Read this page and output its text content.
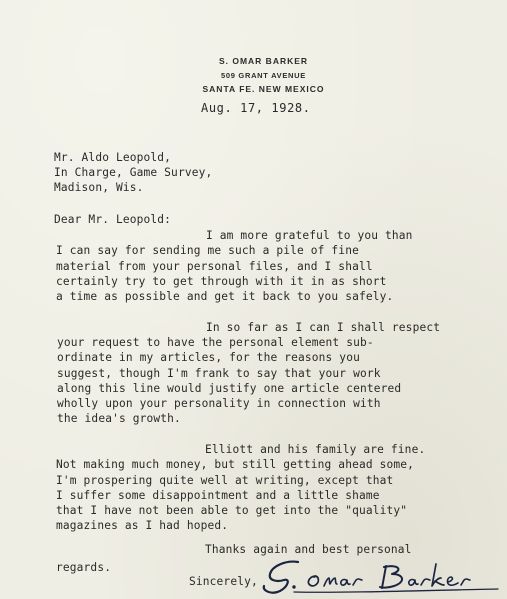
S. OMAR BARKER
509 GRANT AVENUE
SANTA FE. NEW MEXICO
Aug. 17, 1928.
Mr. Aldo Leopold,
In Charge, Game Survey,
Madison, Wis.
Dear Mr. Leopold:
I am more grateful to you than
I can say for sending me such a pile of fine
material from your personal files, and I shall
certainly try to get through with it in as short
a time as possible and get it back to you safely.
In so far as I can I shall respect
your request to have the personal element sub-
ordinate in my articles, for the reasons you
suggest, though I'm frank to say that your work
along this line would justify one article centered
wholly upon your personality in connection with
the idea's growth.
Elliott and his family are fine.
Not making much money, but still getting ahead some,
I'm prospering quite well at writing, except that
I suffer some disappointment and a little shame
that I have not been able to get into the "quality"
magazines as I had hoped.
Thanks again and best personal
regards.
Sincerely,
